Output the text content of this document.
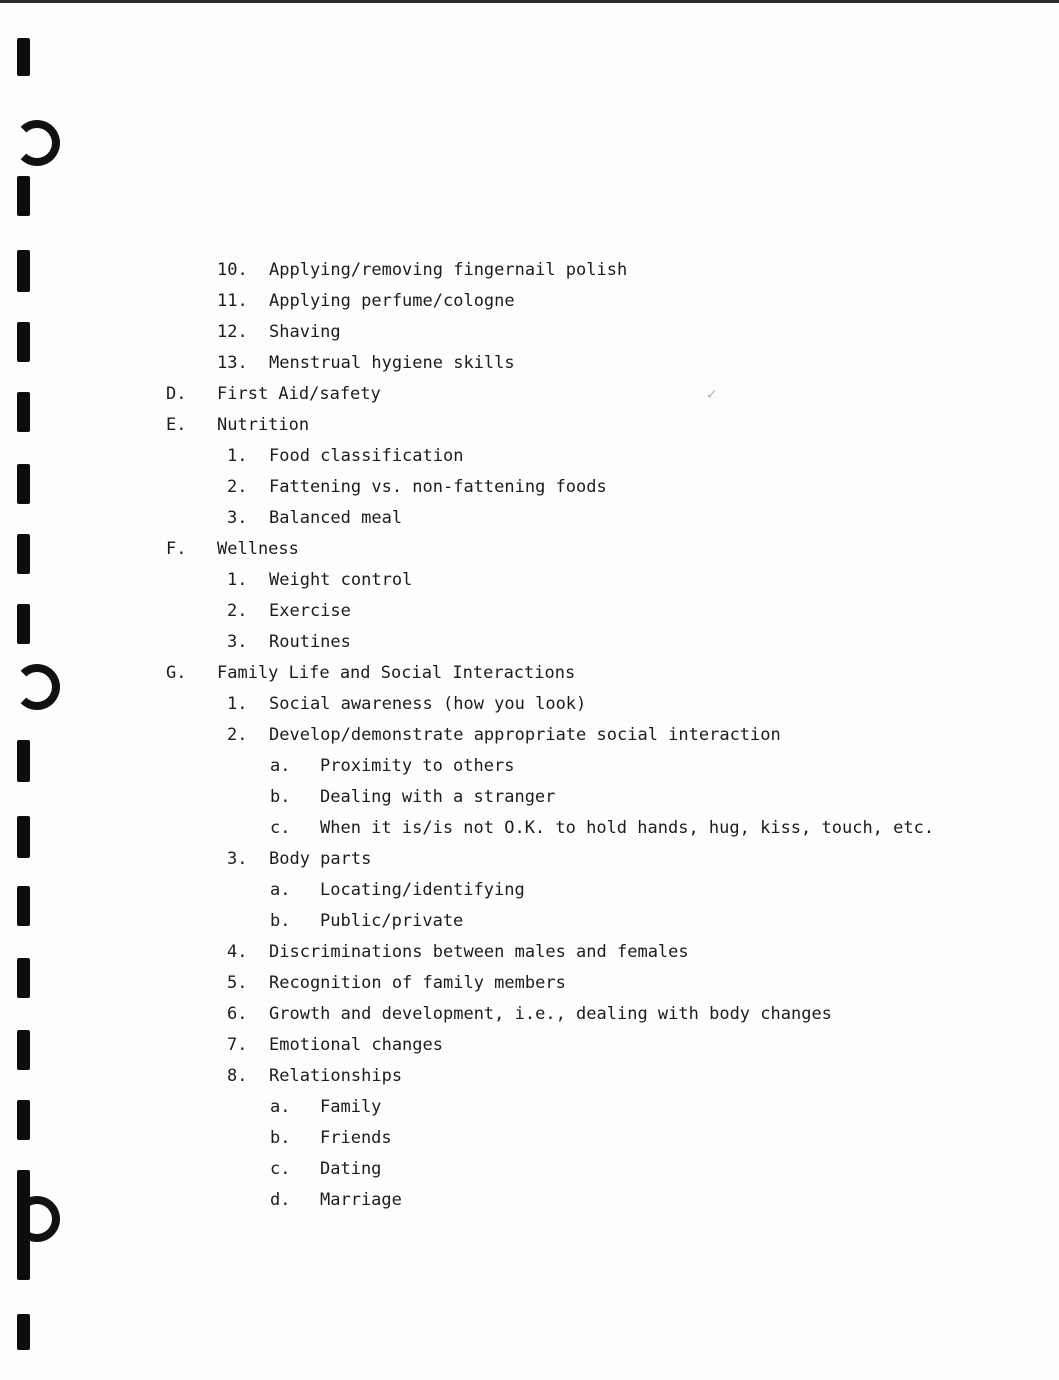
✓
10. Applying/removing fingernail polish
11. Applying perfume/cologne
12. Shaving
13. Menstrual hygiene skills
D. First Aid/safety
E. Nutrition
1. Food classification
2. Fattening vs. non-fattening foods
3. Balanced meal
F. Wellness
1. Weight control
2. Exercise
3. Routines
G. Family Life and Social Interactions
1. Social awareness (how you look)
2. Develop/demonstrate appropriate social interaction
a. Proximity to others
b. Dealing with a stranger
c. When it is/is not O.K. to hold hands, hug, kiss, touch, etc.
3. Body parts
a. Locating/identifying
b. Public/private
4. Discriminations between males and females
5. Recognition of family members
6. Growth and development, i.e., dealing with body changes
7. Emotional changes
8. Relationships
a. Family
b. Friends
c. Dating
d. Marriage
